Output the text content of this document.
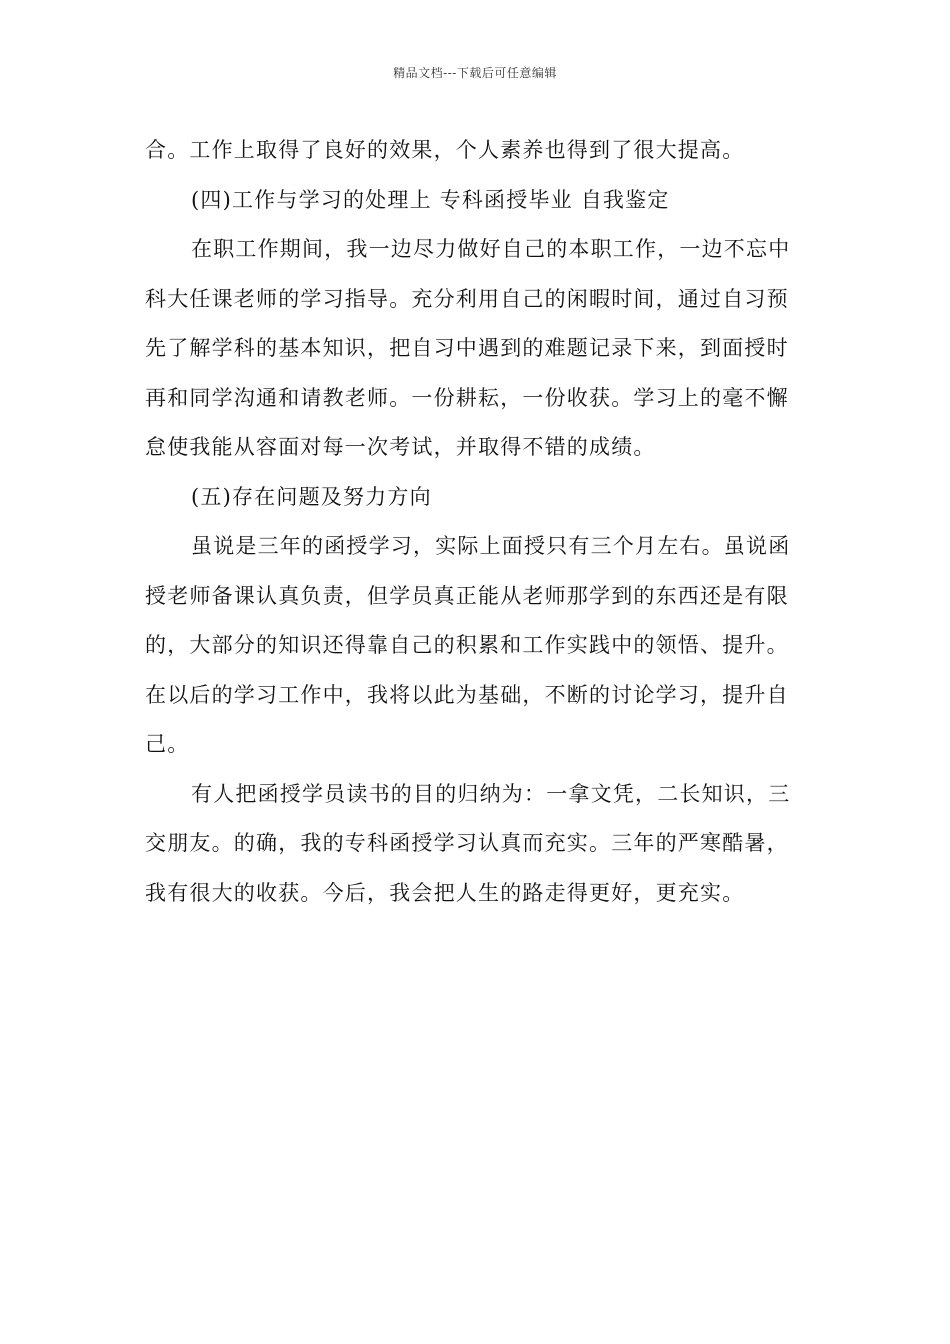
精品文档---下载后可任意编辑
合。工作上取得了良好的效果，个人素养也得到了很大提高。
(四)工作与学习的处理上 专科函授毕业 自我鉴定
在职工作期间，我一边尽力做好自己的本职工作，一边不忘中
科大任课老师的学习指导。充分利用自己的闲暇时间，通过自习预
先了解学科的基本知识，把自习中遇到的难题记录下来，到面授时
再和同学沟通和请教老师。一份耕耘，一份收获。学习上的毫不懈
怠使我能从容面对每一次考试，并取得不错的成绩。
(五)存在问题及努力方向
虽说是三年的函授学习，实际上面授只有三个月左右。虽说函
授老师备课认真负责，但学员真正能从老师那学到的东西还是有限
的，大部分的知识还得靠自己的积累和工作实践中的领悟、提升。
在以后的学习工作中，我将以此为基础，不断的讨论学习，提升自
己。
有人把函授学员读书的目的归纳为：一拿文凭，二长知识，三
交朋友。的确，我的专科函授学习认真而充实。三年的严寒酷暑，
我有很大的收获。今后，我会把人生的路走得更好，更充实。
